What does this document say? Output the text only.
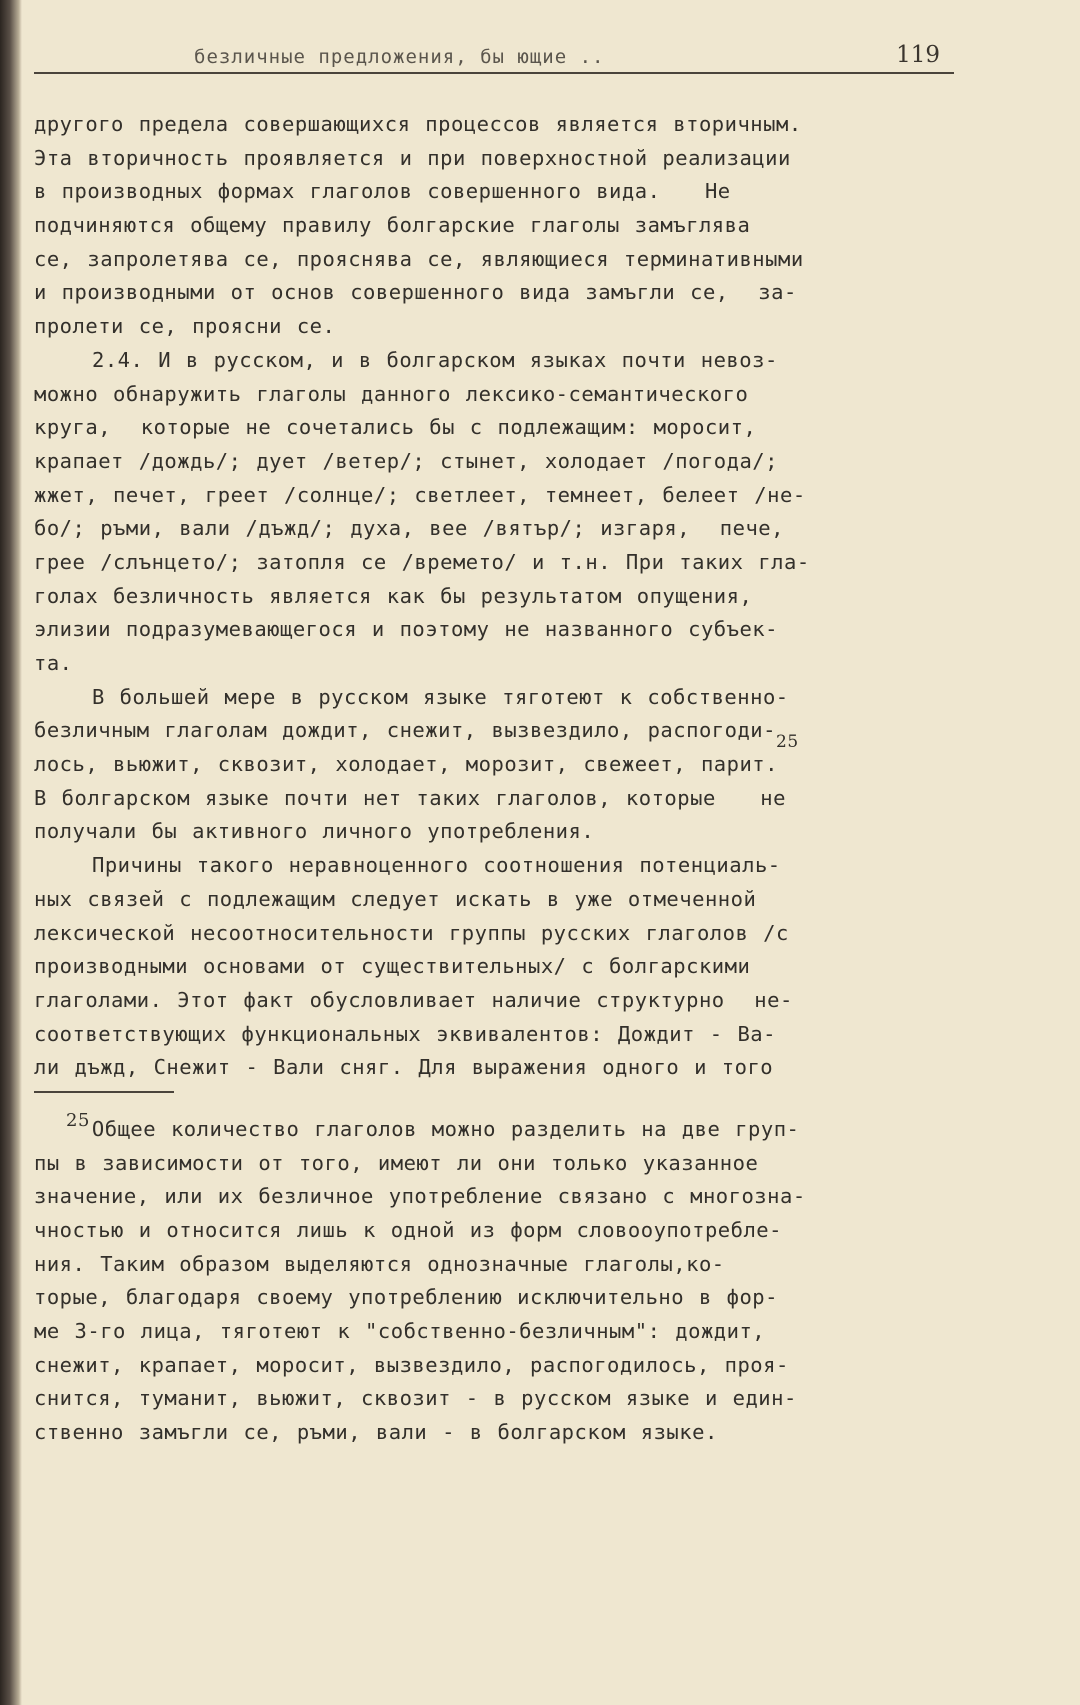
безличные предложения, бы ющие ..	119
другого предела совершающихся процессов является вторичным.
Эта вторичность проявляется и при поверхностной реализации
в производных формах глаголов совершенного вида.   Не
подчиняются общему правилу болгарские глаголы замъглява
се, запролетява се, прояснява се, являющиеся терминативными
и производными от основ совершенного вида замъгли се,  за-
пролети се, проясни се.
2.4. И в русском, и в болгарском языках почти невоз-
можно обнаружить глаголы данного лексико-семантического
круга,  которые не сочетались бы с подлежащим: моросит,
крапает /дождь/; дует /ветер/; стынет, холодает /погода/;
жжет, печет, греет /солнце/; светлеет, темнеет, белеет /не-
бо/; ръми, вали /дъжд/; духа, вее /вятър/; изгаря,  пече,
грее /слънцето/; затопля се /времето/ и т.н. При таких гла-
голах безличность является как бы результатом опущения,
элизии подразумевающегося и поэтому не названного субъек-
та.
В большей мере в русском языке тяготеют к собственно-
безличным глаголам дождит, снежит, вызвездило, распогоди-$_{25}$
лось, вьюжит, сквозит, холодает, морозит, свежеет, парит.
В болгарском языке почти нет таких глаголов, которые   не
получали бы активного личного употребления.
Причины такого неравноценного соотношения потенциаль-
ных связей с подлежащим следует искать в уже отмеченной
лексической несоотносительности группы русских глаголов /с
производными основами от существительных/ с болгарскими
глаголами. Этот факт обусловливает наличие структурно  не-
соответствующих функциональных эквивалентов: Дождит - Ва-
ли дъжд, Снежит - Вали сняг. Для выражения одного и того
25Общее количество глаголов можно разделить на две груп-
пы в зависимости от того, имеют ли они только указанное
значение, или их безличное употребление связано с многозна-
чностью и относится лишь к одной из форм словооупотребле-
ния. Таким образом выделяются однозначные глаголы,ко-
торые, благодаря своему употреблению исключительно в фор-
ме 3-го лица, тяготеют к "собственно-безличным": дождит,
снежит, крапает, моросит, вызвездило, распогодилось, проя-
снится, туманит, вьюжит, сквозит - в русском языке и един-
ственно замъгли се, ръми, вали - в болгарском языке.
